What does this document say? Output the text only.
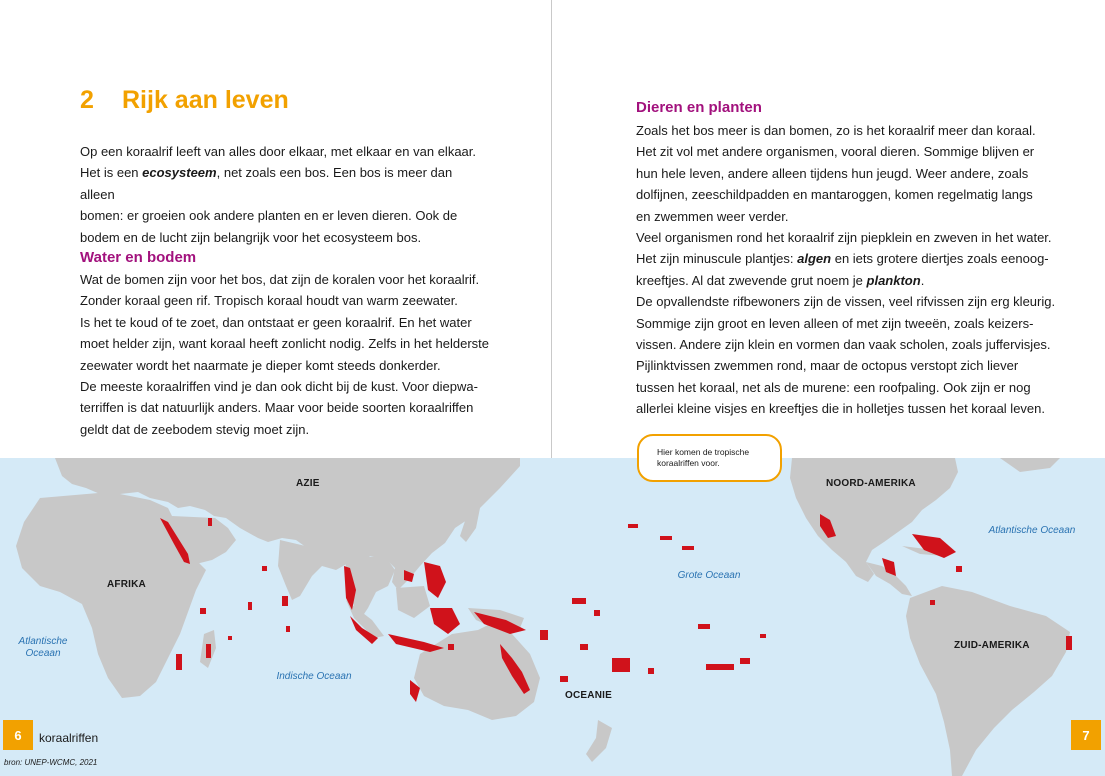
2 Rijk aan leven

Op een koraalrif leeft van alles door elkaar, met elkaar en van elkaar.

Het is een ecosysteem, net zoals een bos. Een bos is meer dan alleen

bomen: er groeien ook andere planten en er leven dieren. Ook de

bodem en de lucht zijn belangrijk voor het ecosysteem bos.

Water en bodem

Wat de bomen zijn voor het bos, dat zijn de koralen voor het koraalrif.

Zonder koraal geen rif. Tropisch koraal houdt van warm zeewater.

Is het te koud of te zoet, dan ontstaat er geen koraalrif. En het water

moet helder zijn, want koraal heeft zonlicht nodig. Zelfs in het helderste

zeewater wordt het naarmate je dieper komt steeds donkerder.

De meeste koraalriffen vind je dan ook dicht bij de kust. Voor diepwa-

terriffen is dat natuurlijk anders. Maar voor beide soorten koraalriffen

geldt dat de zeebodem stevig moet zijn.

Dieren en planten

Zoals het bos meer is dan bomen, zo is het koraalrif meer dan koraal.

Het zit vol met andere organismen, vooral dieren. Sommige blijven er

hun hele leven, andere alleen tijdens hun jeugd. Weer andere, zoals

dolfijnen, zeeschildpadden en mantaroggen, komen regelmatig langs

en zwemmen weer verder.

Veel organismen rond het koraalrif zijn piepklein en zweven in het water.

Het zijn minuscule plantjes: algen en iets grotere diertjes zoals eenoog-

kreeftjes. Al dat zwevende grut noem je plankton.

De opvallendste rifbewoners zijn de vissen, veel rifvissen zijn erg kleurig.

Sommige zijn groot en leven alleen of met zijn tweeën, zoals keizers-

vissen. Andere zijn klein en vormen dan vaak scholen, zoals juffervisjes.

Pijlinktvissen zwemmen rond, maar de octopus verstopt zich liever

tussen het koraal, net als de murene: een roofpaling. Ook zijn er nog

allerlei kleine visjes en kreeftjes die in holletjes tussen het koraal leven.

AZIE
AFRIKA
OCEANIE
NOORD-AMERIKA
ZUID-AMERIKA
Atlantische Oceaan
Indische Oceaan
Grote Oceaan
Atlantische Oceaan
Hier komen de tropische koraalriffen voor.
6	koraalriffen
bron: UNEP-WCMC, 2021
7
